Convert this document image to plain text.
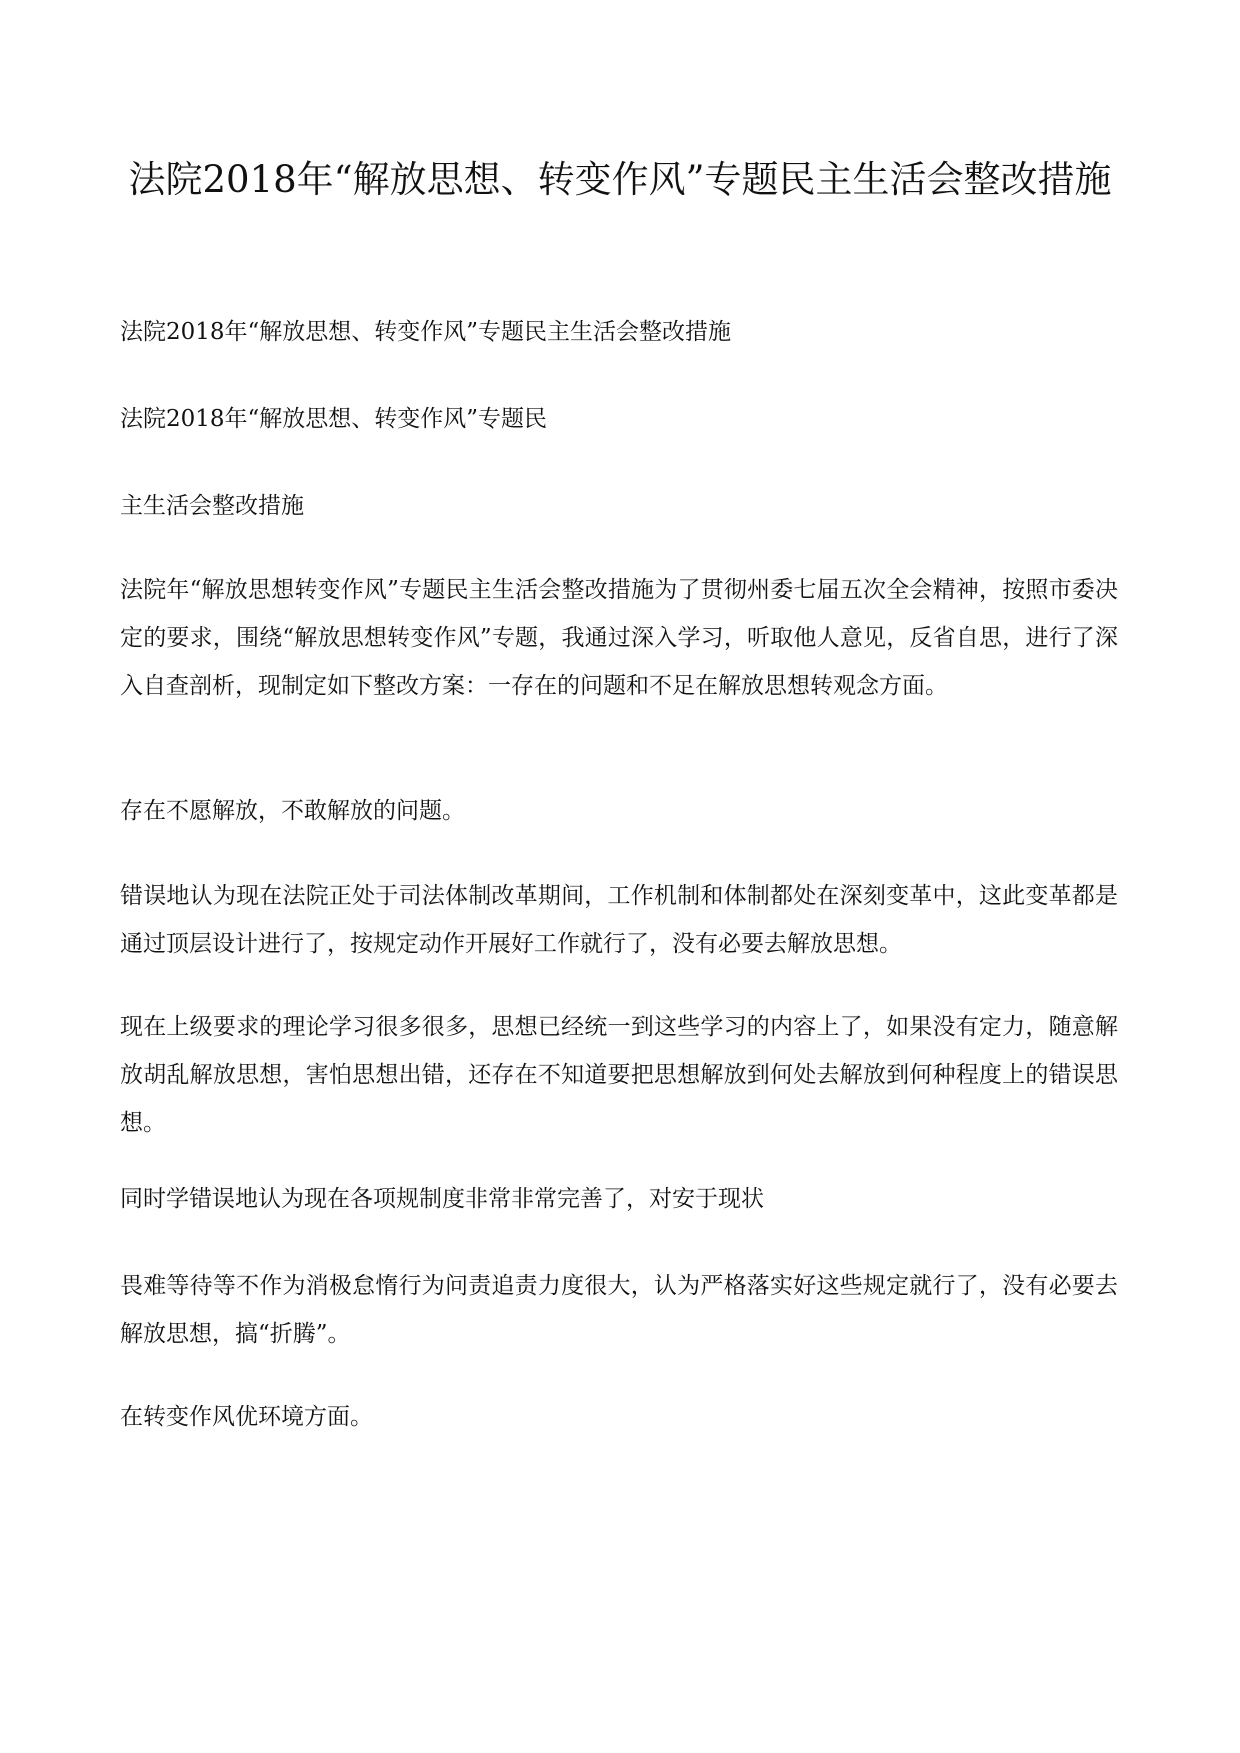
法院2018年“解放思想、转变作风”专题民主生活会整改措施

法院2018年“解放思想、转变作风”专题民主生活会整改措施

法院2018年“解放思想、转变作风”专题民

主生活会整改措施

法院年“解放思想转变作风”专题民主生活会整改措施为了贯彻州委七届五次全会精神，按照市委决定的要求，围绕“解放思想转变作风”专题，我通过深入学习，听取他人意见，反省自思，进行了深入自查剖析，现制定如下整改方案：一存在的问题和不足在解放思想转观念方面。

存在不愿解放，不敢解放的问题。

错误地认为现在法院正处于司法体制改革期间，工作机制和体制都处在深刻变革中，这此变革都是通过顶层设计进行了，按规定动作开展好工作就行了，没有必要去解放思想。

现在上级要求的理论学习很多很多，思想已经统一到这些学习的内容上了，如果没有定力，随意解放胡乱解放思想，害怕思想出错，还存在不知道要把思想解放到何处去解放到何种程度上的错误思想。

同时学错误地认为现在各项规制度非常非常完善了，对安于现状

畏难等待等不作为消极怠惰行为问责追责力度很大，认为严格落实好这些规定就行了，没有必要去解放思想，搞“折腾”。

在转变作风优环境方面。
